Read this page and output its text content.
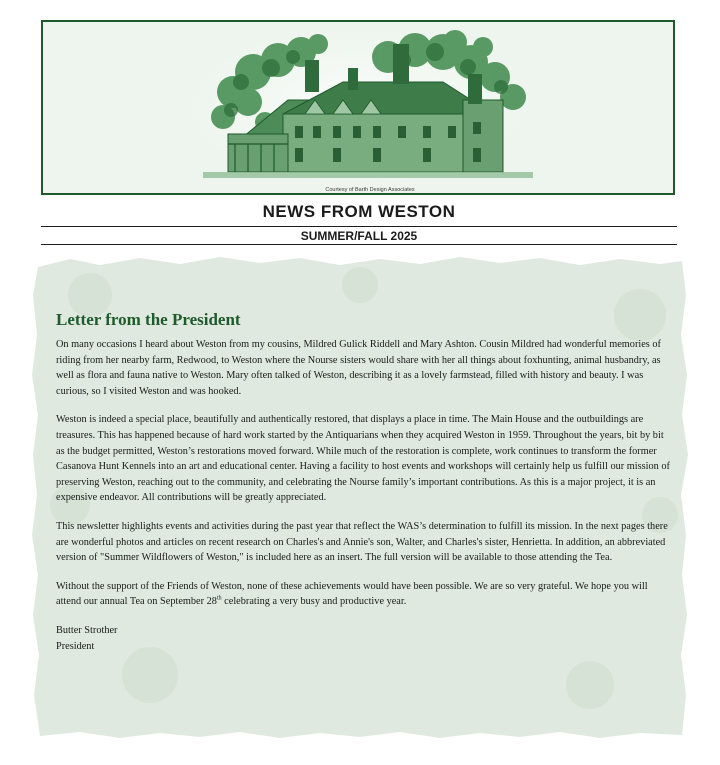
Courtesy of Barth Design Associates
NEWS FROM WESTON
SUMMER/FALL 2025
Letter from the President

On many occasions I heard about Weston from my cousins, Mildred Gulick Riddell and Mary Ashton. Cousin Mildred had wonderful memories of riding from her nearby farm, Redwood, to Weston where the Nourse sisters would share with her all things about foxhunting, animal husbandry, as well as flora and fauna native to Weston. Mary often talked of Weston, describing it as a lovely farmstead, filled with history and beauty. I was curious, so I visited Weston and was hooked.

Weston is indeed a special place, beautifully and authentically restored, that displays a place in time. The Main House and the outbuildings are treasures. This has happened because of hard work started by the Antiquarians when they acquired Weston in 1959. Throughout the years, bit by bit as the budget permitted, Weston’s restorations moved forward. While much of the restoration is complete, work continues to transform the former Casanova Hunt Kennels into an art and educational center. Having a facility to host events and workshops will certainly help us fulfill our mission of preserving Weston, reaching out to the community, and celebrating the Nourse family’s important contributions. As this is a major project, it is an expensive endeavor. All contributions will be greatly appreciated.

This newsletter highlights events and activities during the past year that reflect the WAS’s determination to fulfill its mission. In the next pages there are wonderful photos and articles on recent research on Charles's and Annie's son, Walter, and Charles's sister, Henrietta. In addition, an abbreviated version of "Summer Wildflowers of Weston," is included here as an insert. The full version will be available to those attending the Tea.

Without the support of the Friends of Weston, none of these achievements would have been possible. We are so very grateful. We hope you will attend our annual Tea on September 28th celebrating a very busy and productive year.

Butter Strother

President
